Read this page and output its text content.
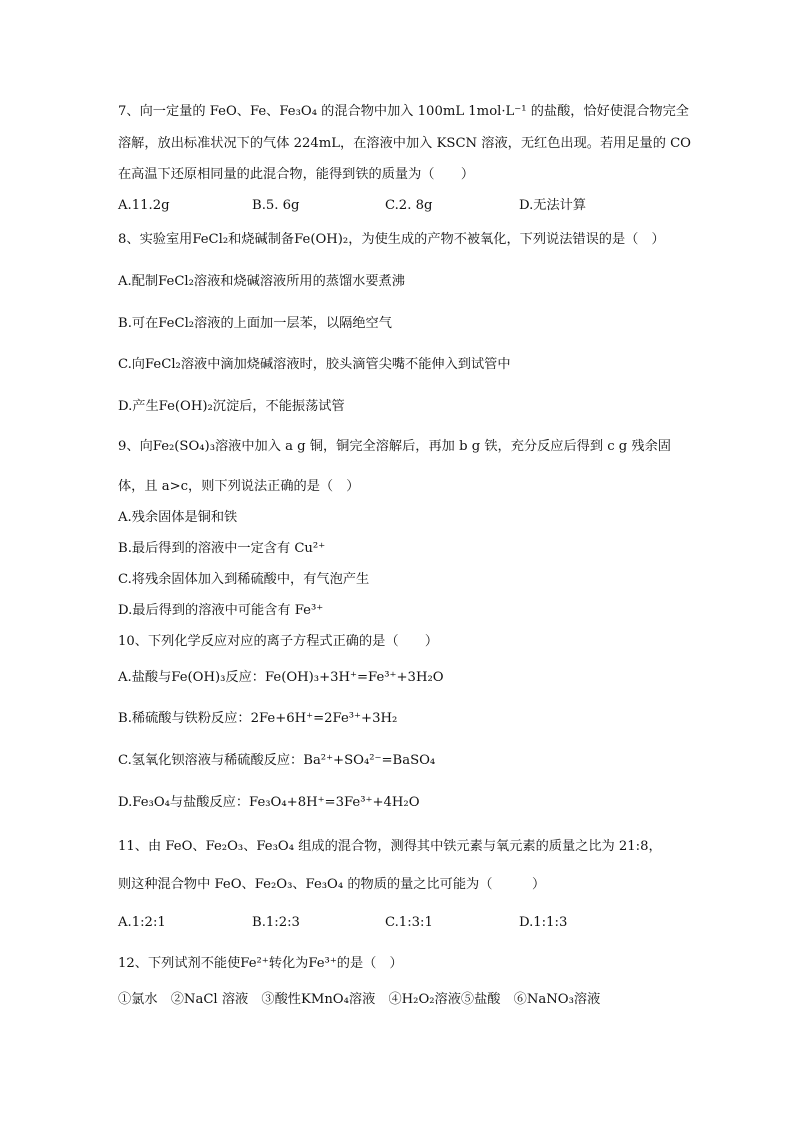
7、向一定量的 FeO、Fe、Fe₃O₄ 的混合物中加入 100mL 1mol·L⁻¹ 的盐酸，恰好使混合物完全
溶解，放出标准状况下的气体 224mL，在溶液中加入 KSCN 溶液，无红色出现。若用足量的 CO
在高温下还原相同量的此混合物，能得到铁的质量为（　　）
A.11.2g	B.5. 6g	C.2. 8g	D.无法计算
8、实验室用FeCl₂和烧碱制备Fe(OH)₂，为使生成的产物不被氧化，下列说法错误的是（　）
A.配制FeCl₂溶液和烧碱溶液所用的蒸馏水要煮沸
B.可在FeCl₂溶液的上面加一层苯，以隔绝空气
C.向FeCl₂溶液中滴加烧碱溶液时，胶头滴管尖嘴不能伸入到试管中
D.产生Fe(OH)₂沉淀后，不能振荡试管
9、向Fe₂(SO₄)₃溶液中加入 a g 铜，铜完全溶解后，再加 b g 铁，充分反应后得到 c g 残余固
体，且 a>c，则下列说法正确的是（　）
A.残余固体是铜和铁
B.最后得到的溶液中一定含有 Cu²⁺
C.将残余固体加入到稀硫酸中，有气泡产生
D.最后得到的溶液中可能含有 Fe³⁺
10、下列化学反应对应的离子方程式正确的是（　　）
A.盐酸与Fe(OH)₃反应：Fe(OH)₃+3H⁺=Fe³⁺+3H₂O
B.稀硫酸与铁粉反应：2Fe+6H⁺=2Fe³⁺+3H₂
C.氢氧化钡溶液与稀硫酸反应：Ba²⁺+SO₄²⁻=BaSO₄
D.Fe₃O₄与盐酸反应：Fe₃O₄+8H⁺=3Fe³⁺+4H₂O
11、由 FeO、Fe₂O₃、Fe₃O₄ 组成的混合物，测得其中铁元素与氧元素的质量之比为 21:8，
则这种混合物中 FeO、Fe₂O₃、Fe₃O₄ 的物质的量之比可能为（　　　）
A.1:2:1	B.1:2:3	C.1:3:1	D.1:1:3
12、下列试剂不能使Fe²⁺转化为Fe³⁺的是（　）
①氯水　②NaCl 溶液　③酸性KMnO₄溶液　④H₂O₂溶液⑤盐酸　⑥NaNO₃溶液
